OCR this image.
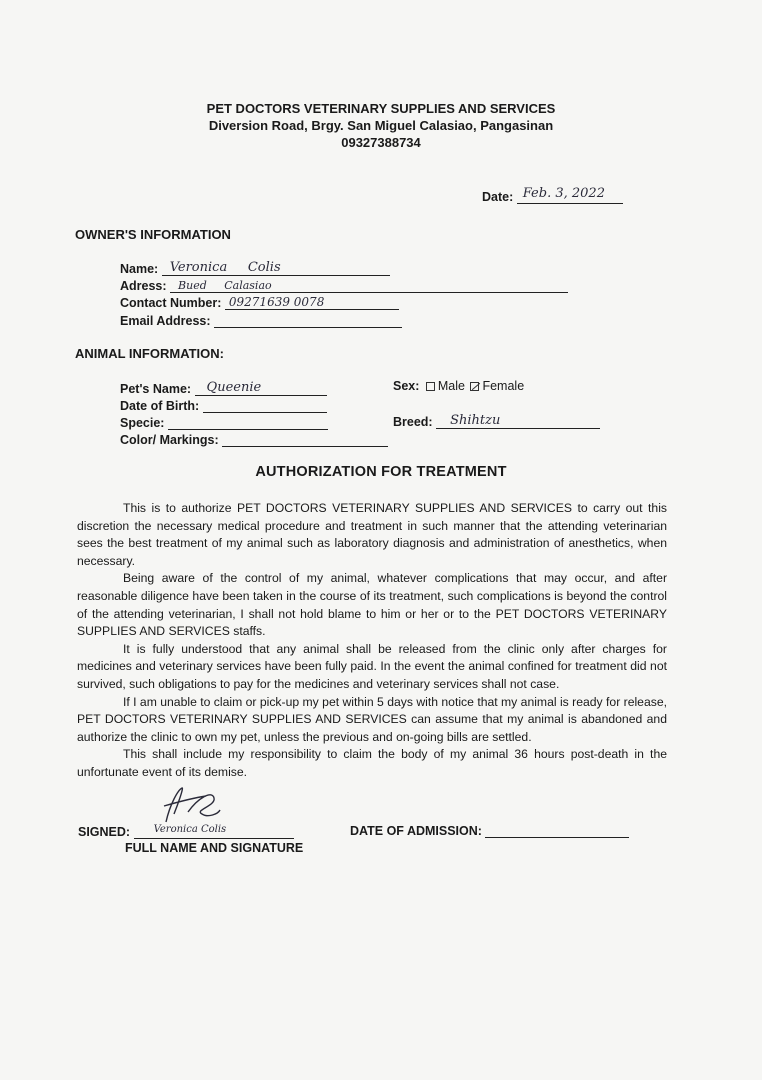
PET DOCTORS VETERINARY SUPPLIES AND SERVICES
Diversion Road, Brgy. San Miguel Calasiao, Pangasinan
09327388734
Date: Feb. 3, 2022
OWNER'S INFORMATION
Name: Veronica     Colis
Adress: Bued     Calasiao
Contact Number: 09271639 0078
Email Address:
ANIMAL INFORMATION:
Pet's Name: Queenie
Date of Birth:
Specie:
Color/ Markings:
Sex: Male Female
Breed: Shihtzu
AUTHORIZATION FOR TREATMENT

This is to authorize PET DOCTORS VETERINARY SUPPLIES AND SERVICES to carry out this discretion the necessary medical procedure and treatment in such manner that the attending veterinarian sees the best treatment of my animal such as laboratory diagnosis and administration of anesthetics, when necessary.

Being aware of the control of my animal, whatever complications that may occur, and after reasonable diligence have been taken in the course of its treatment, such complications is beyond the control of the attending veterinarian, I shall not hold blame to him or her or to the PET DOCTORS VETERINARY SUPPLIES AND SERVICES staffs.

It is fully understood that any animal shall be released from the clinic only after charges for medicines and veterinary services have been fully paid. In the event the animal confined for treatment did not survived, such obligations to pay for the medicines and veterinary services shall not case.

If I am unable to claim or pick-up my pet within 5 days with notice that my animal is ready for release, PET DOCTORS VETERINARY SUPPLIES AND SERVICES can assume that my animal is abandoned and authorize the clinic to own my pet, unless the previous and on-going bills are settled.

This shall include my responsibility to claim the body of my animal 36 hours post-death in the unfortunate event of its demise.

SIGNED: Veronica Colis
FULL NAME AND SIGNATURE
DATE OF ADMISSION:
